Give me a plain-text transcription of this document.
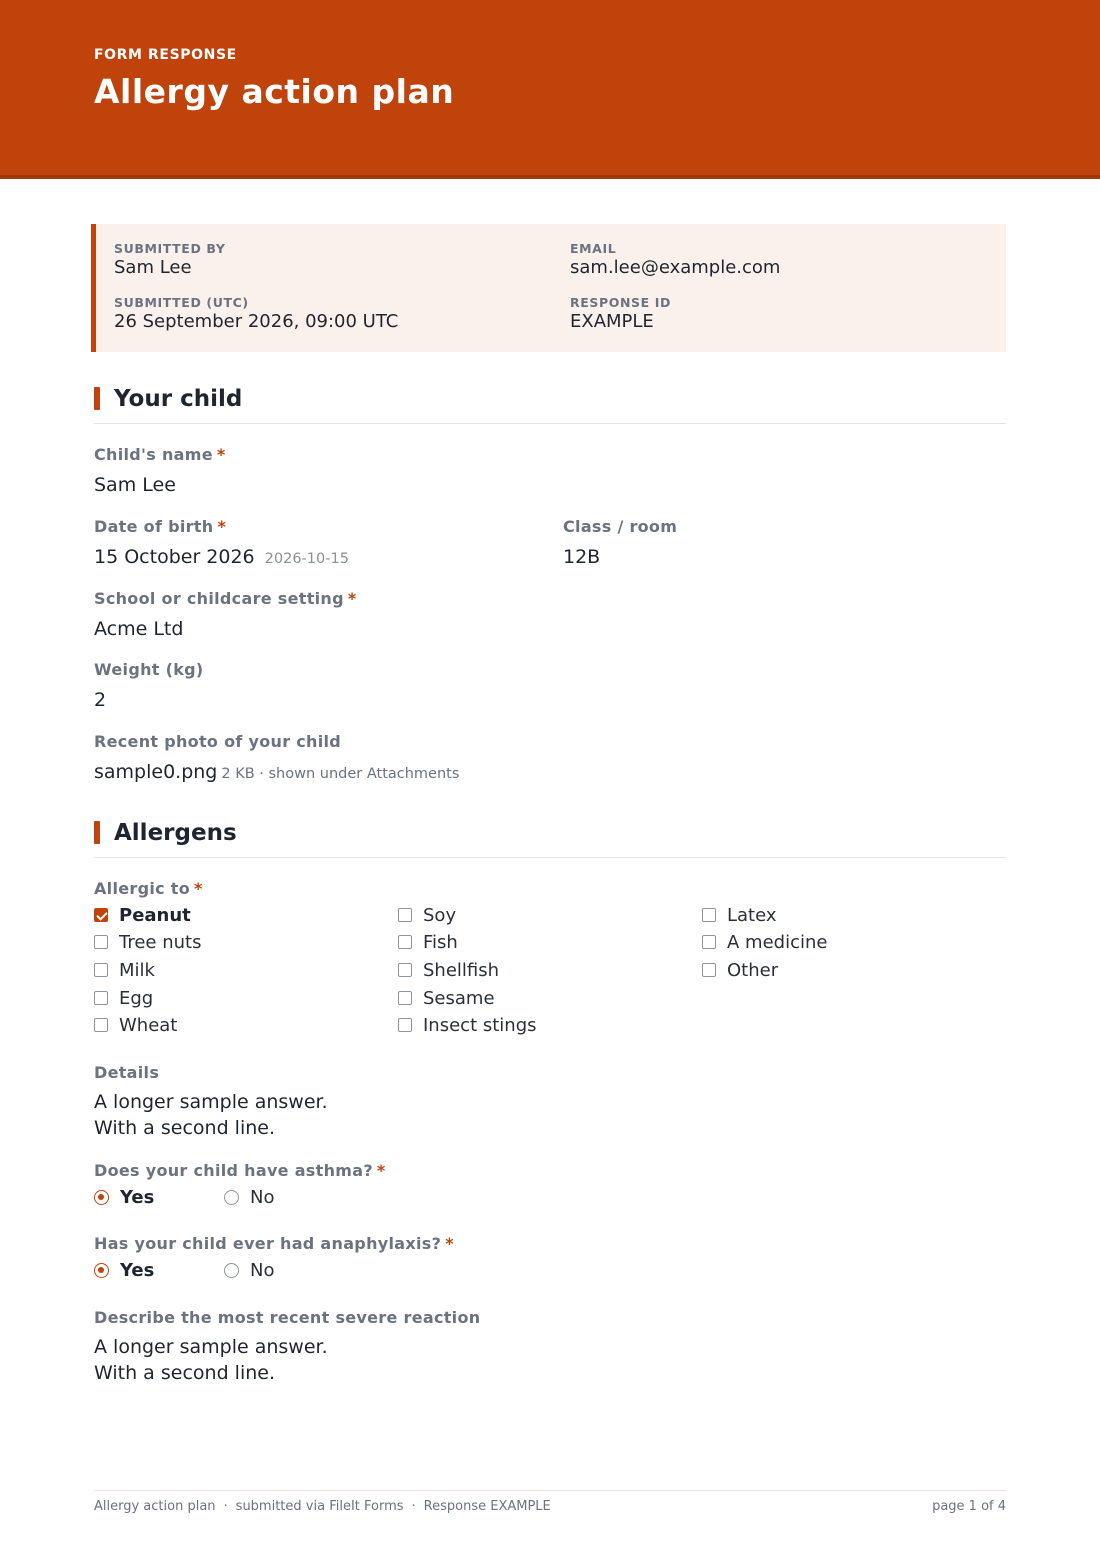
FORM RESPONSE
Allergy action plan
SUBMITTED BY
Sam Lee
EMAIL
sam.lee@example.com
SUBMITTED (UTC)
26 September 2026, 09:00 UTC
RESPONSE ID
EXAMPLE
Your child
Child's name *
Sam Lee
Date of birth *
15 October 2026 2026-10-15
Class / room
12B
School or childcare setting *
Acme Ltd
Weight (kg)
2
Recent photo of your child
sample0.png 2 KB · shown under Attachments
Allergens
Allergic to *
Peanut
Tree nuts
Milk
Egg
Wheat
Soy
Fish
Shellfish
Sesame
Insect stings
Latex
A medicine
Other
Details
A longer sample answer.
With a second line.
Does your child have asthma? *
Yes	No
Has your child ever had anaphylaxis? *
Yes	No
Describe the most recent severe reaction
A longer sample answer.
With a second line.
Allergy action plan · submitted via FileIt Forms · Response EXAMPLE	page 1 of 4
